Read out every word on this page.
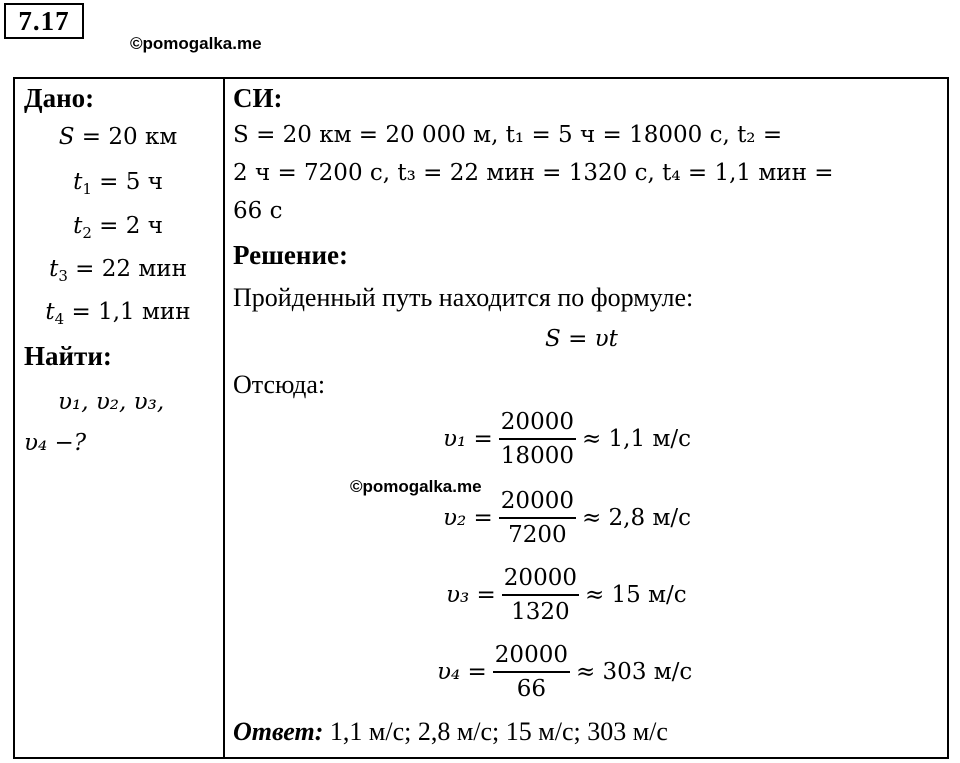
7.17
©pomogalka.me
Дано:
S = 20 км
$t_1 = 5$ ч
$t_2 = 2$ ч
$t_3 = 22$ мин
$t_4 = 1,1$ мин
Найти:
υ₁, υ₂, υ₃,
υ₄ −?
СИ:
S = 20 км = 20 000 м, t₁ = 5 ч = 18000 с, t₂ =
2 ч = 7200 с, t₃ = 22 мин = 1320 с, t₄ = 1,1 мин =
66 с
Решение:
Пройденный путь находится по формуле:
S = υt
Отсюда:
$\upsilon_1 = \frac{20000}{18000} \approx 1,1$ м/с
$\upsilon_2 = \frac{20000}{7200} \approx 2,8$ м/с
$\upsilon_3 = \frac{20000}{1320} \approx 15$ м/с
$\upsilon_4 = \frac{20000}{66} \approx 303$ м/с
©pomogalka.me
Ответ: 1,1 м/с; 2,8 м/с; 15 м/с; 303 м/с
